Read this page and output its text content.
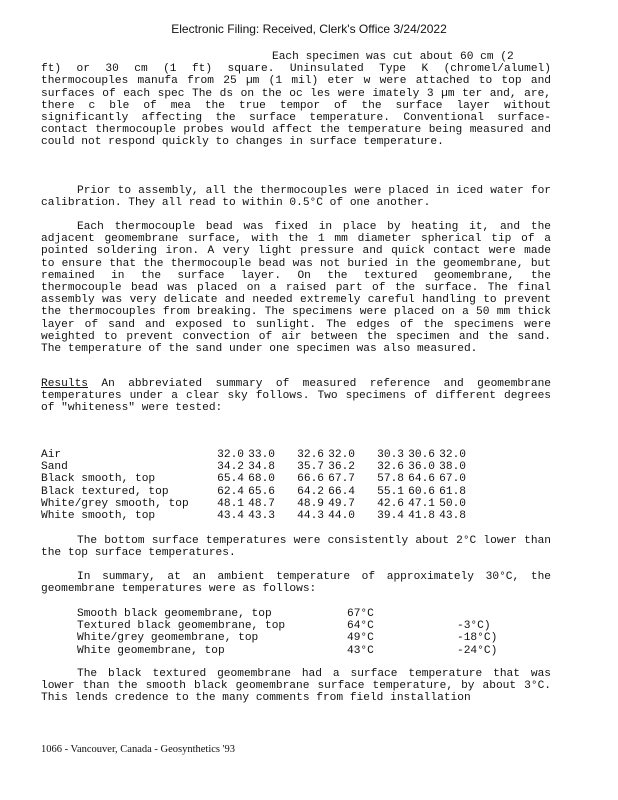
Electronic Filing: Received, Clerk's Office 3/24/2022
Each specimen was cut about 60 cm (2
ft) or 30 cm (1 ft) square. Uninsulated Type K (chromel/alumel) thermocouples manufa from 25 µm (1 mil) eter w were attached to top and surfaces of each spec The ds on the oc les were imately 3 µm ter and, are, there c ble of mea the true tempor of the surface layer without significantly affecting the surface temperature. Conventional surface-contact thermocouple probes would affect the temperature being measured and could not respond quickly to changes in surface temperature.

Prior to assembly, all the thermocouples were placed in iced water for calibration. They all read to within 0.5°C of one another.

Each thermocouple bead was fixed in place by heating it, and the adjacent geomembrane surface, with the 1 mm diameter spherical tip of a pointed soldering iron. A very light pressure and quick contact were made to ensure that the thermocouple bead was not buried in the geomembrane, but remained in the surface layer. On the textured geomembrane, the thermocouple bead was placed on a raised part of the surface. The final assembly was very delicate and needed extremely careful handling to prevent the thermocouples from breaking. The specimens were placed on a 50 mm thick layer of sand and exposed to sunlight. The edges of the specimens were weighted to prevent convection of air between the specimen and the sand. The temperature of the sand under one specimen was also measured.

Results An abbreviated summary of measured reference and geomembrane temperatures under a clear sky follows. Two specimens of different degrees of "whiteness" were tested:

Air	32.0	33.0		32.6	32.0		30.3	30.6	32.0
Sand	34.2	34.8		35.7	36.2		32.6	36.0	38.0
Black smooth, top	65.4	68.0		66.6	67.7		57.8	64.6	67.0
Black textured, top	62.4	65.6		64.2	66.4		55.1	60.6	61.8
White/grey smooth, top	48.1	48.7		48.9	49.7		42.6	47.1	50.0
White smooth, top	43.4	43.3		44.3	44.0		39.4	41.8	43.8

The bottom surface temperatures were consistently about 2°C lower than the top surface temperatures.

In summary, at an ambient temperature of approximately 30°C, the geomembrane temperatures were as follows:

Smooth black geomembrane, top	67°C	
Textured black geomembrane, top	64°C	-3°C)
White/grey geomembrane, top	49°C	-18°C)
White geomembrane, top	43°C	-24°C)

The black textured geomembrane had a surface temperature that was lower than the smooth black geomembrane surface temperature, by about 3°C. This lends credence to the many comments from field installation

1066 - Vancouver, Canada - Geosynthetics '93
